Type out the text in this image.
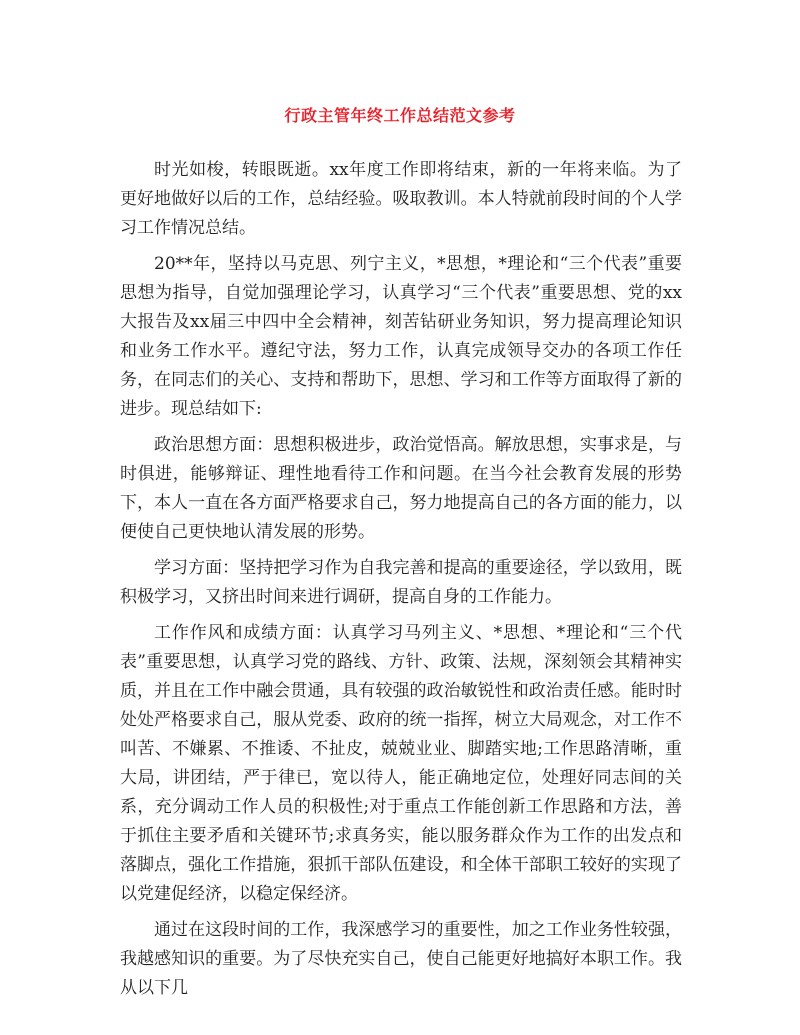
行政主管年终工作总结范文参考

时光如梭，转眼既逝。xx年度工作即将结束，新的一年将来临。为了更好地做好以后的工作，总结经验。吸取教训。本人特就前段时间的个人学习工作情况总结。

20**年，坚持以马克思、列宁主义，*思想，*理论和“三个代表”重要思想为指导，自觉加强理论学习，认真学习“三个代表”重要思想、党的xx大报告及xx届三中四中全会精神，刻苦钻研业务知识，努力提高理论知识和业务工作水平。遵纪守法，努力工作，认真完成领导交办的各项工作任务，在同志们的关心、支持和帮助下，思想、学习和工作等方面取得了新的进步。现总结如下:

政治思想方面：思想积极进步，政治觉悟高。解放思想，实事求是，与时俱进，能够辩证、理性地看待工作和问题。在当今社会教育发展的形势下，本人一直在各方面严格要求自己，努力地提高自己的各方面的能力，以便使自己更快地认清发展的形势。

学习方面：坚持把学习作为自我完善和提高的重要途径，学以致用，既积极学习，又挤出时间来进行调研，提高自身的工作能力。

工作作风和成绩方面：认真学习马列主义、*思想、*理论和“三个代表”重要思想，认真学习党的路线、方针、政策、法规，深刻领会其精神实质，并且在工作中融会贯通，具有较强的政治敏锐性和政治责任感。能时时处处严格要求自己，服从党委、政府的统一指挥，树立大局观念，对工作不叫苦、不嫌累、不推诿、不扯皮，兢兢业业、脚踏实地;工作思路清晰，重大局，讲团结，严于律已，宽以待人，能正确地定位，处理好同志间的关系，充分调动工作人员的积极性;对于重点工作能创新工作思路和方法，善于抓住主要矛盾和关键环节;求真务实，能以服务群众作为工作的出发点和落脚点，强化工作措施，狠抓干部队伍建设，和全体干部职工较好的实现了以党建促经济，以稳定保经济。

通过在这段时间的工作，我深感学习的重要性，加之工作业务性较强，我越感知识的重要。为了尽快充实自己，使自己能更好地搞好本职工作。我从以下几
